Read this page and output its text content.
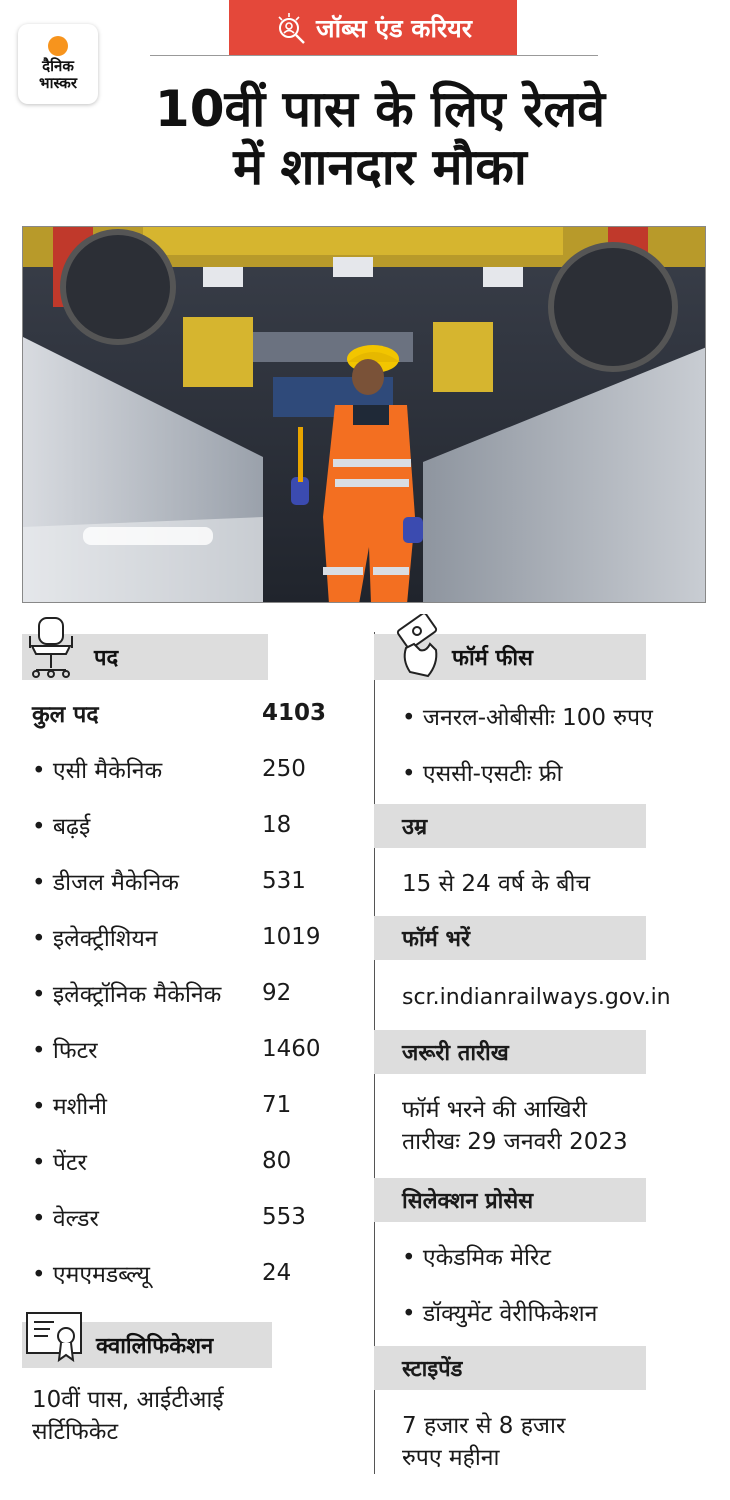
जॉब्स एंड करियर
दैनिक
भास्कर	10वीं पास के लिए रेलवे
में शानदार मौका
पद
कुल पद	4103
• एसी मैकेनिक	250
• बढ़ई	18
• डीजल मैकेनिक	531
• इलेक्ट्रीशियन	1019
• इलेक्ट्रॉनिक मैकेनिक	92
• फिटर	1460
• मशीनी	71
• पेंटर	80
• वेल्डर	553
• एमएमडब्ल्यू	24
क्वालिफिकेशन
10वीं पास, आईटीआई
सर्टिफिकेट
फॉर्म फीस
• जनरल-ओबीसीः 100 रुपए
• एससी-एसटीः फ्री
उम्र
15 से 24 वर्ष के बीच
फॉर्म भरें
scr.indianrailways.gov.in
जरूरी तारीख
फॉर्म भरने की आखिरी
तारीखः 29 जनवरी 2023
सिलेक्शन प्रोसेस
• एकेडमिक मेरिट
• डॉक्युमेंट वेरीफिकेशन
स्टाइपेंड
7 हजार से 8 हजार
रुपए महीना
